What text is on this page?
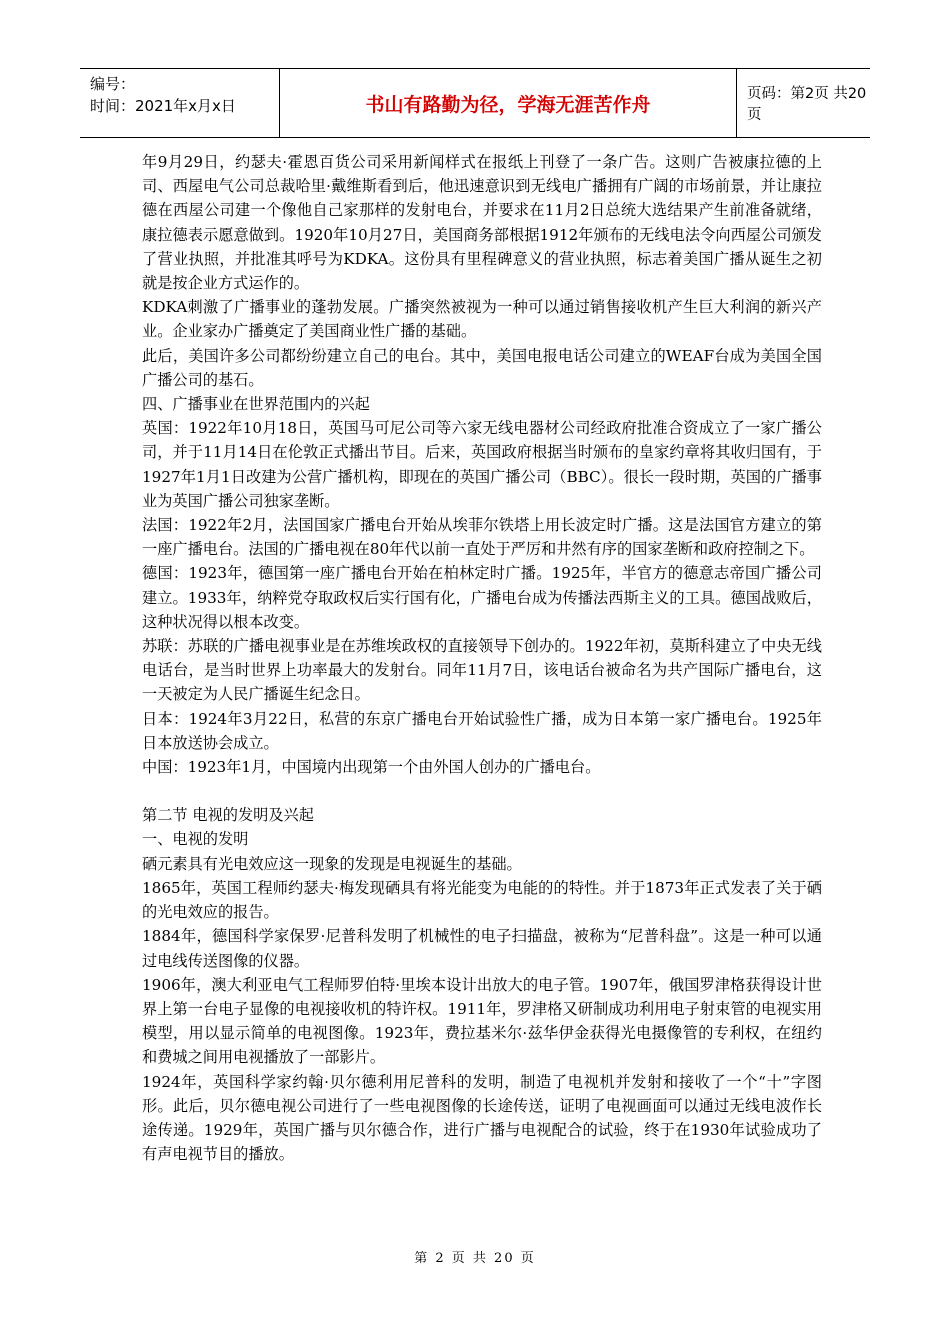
编号：
时间：2021年x月x日	书山有路勤为径，学海无涯苦作舟	页码：第2页 共20页

年9月29日，约瑟夫·霍恩百货公司采用新闻样式在报纸上刊登了一条广告。这则广告被康拉德的上司、西屋电气公司总裁哈里·戴维斯看到后，他迅速意识到无线电广播拥有广阔的市场前景，并让康拉德在西屋公司建一个像他自己家那样的发射电台，并要求在11月2日总统大选结果产生前准备就绪，康拉德表示愿意做到。1920年10月27日，美国商务部根据1912年颁布的无线电法令向西屋公司颁发了营业执照，并批准其呼号为KDKA。这份具有里程碑意义的营业执照，标志着美国广播从诞生之初就是按企业方式运作的。

KDKA刺激了广播事业的蓬勃发展。广播突然被视为一种可以通过销售接收机产生巨大利润的新兴产业。企业家办广播奠定了美国商业性广播的基础。

此后，美国许多公司都纷纷建立自己的电台。其中，美国电报电话公司建立的WEAF台成为美国全国广播公司的基石。

四、广播事业在世界范围内的兴起

英国：1922年10月18日，英国马可尼公司等六家无线电器材公司经政府批准合资成立了一家广播公司，并于11月14日在伦敦正式播出节目。后来，英国政府根据当时颁布的皇家约章将其收归国有，于1927年1月1日改建为公营广播机构，即现在的英国广播公司（BBC）。很长一段时期，英国的广播事业为英国广播公司独家垄断。

法国：1922年2月，法国国家广播电台开始从埃菲尔铁塔上用长波定时广播。这是法国官方建立的第一座广播电台。法国的广播电视在80年代以前一直处于严厉和井然有序的国家垄断和政府控制之下。

德国：1923年，德国第一座广播电台开始在柏林定时广播。1925年，半官方的德意志帝国广播公司建立。1933年，纳粹党夺取政权后实行国有化，广播电台成为传播法西斯主义的工具。德国战败后，这种状况得以根本改变。

苏联：苏联的广播电视事业是在苏维埃政权的直接领导下创办的。1922年初，莫斯科建立了中央无线电话台，是当时世界上功率最大的发射台。同年11月7日，该电话台被命名为共产国际广播电台，这一天被定为人民广播诞生纪念日。

日本：1924年3月22日，私营的东京广播电台开始试验性广播，成为日本第一家广播电台。1925年日本放送协会成立。

中国：1923年1月，中国境内出现第一个由外国人创办的广播电台。

第二节 电视的发明及兴起

一、电视的发明

硒元素具有光电效应这一现象的发现是电视诞生的基础。

1865年，英国工程师约瑟夫·梅发现硒具有将光能变为电能的的特性。并于1873年正式发表了关于硒的光电效应的报告。

1884年，德国科学家保罗·尼普科发明了机械性的电子扫描盘，被称为“尼普科盘”。这是一种可以通过电线传送图像的仪器。

1906年，澳大利亚电气工程师罗伯特·里埃本设计出放大的电子管。1907年，俄国罗津格获得设计世界上第一台电子显像的电视接收机的特许权。1911年，罗津格又研制成功利用电子射束管的电视实用模型，用以显示简单的电视图像。1923年，费拉基米尔·兹华伊金获得光电摄像管的专利权，在纽约和费城之间用电视播放了一部影片。

1924年，英国科学家约翰·贝尔德利用尼普科的发明，制造了电视机并发射和接收了一个“十”字图形。此后，贝尔德电视公司进行了一些电视图像的长途传送，证明了电视画面可以通过无线电波作长途传递。1929年，英国广播与贝尔德合作，进行广播与电视配合的试验，终于在1930年试验成功了有声电视节目的播放。

第 2 页 共 20 页
